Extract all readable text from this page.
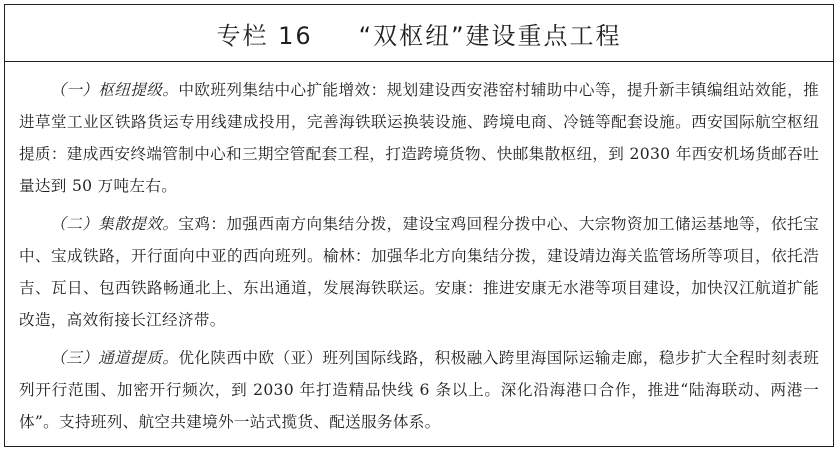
专栏 16 “双枢纽”建设重点工程

（一）枢纽提级。中欧班列集结中心扩能增效：规划建设西安港窑村辅助中心等，提升新丰镇编组站效能，推进草堂工业区铁路货运专用线建成投用，完善海铁联运换装设施、跨境电商、冷链等配套设施。西安国际航空枢纽提质：建成西安终端管制中心和三期空管配套工程，打造跨境货物、快邮集散枢纽，到 2030 年西安机场货邮吞吐量达到 50 万吨左右。

（二）集散提效。宝鸡：加强西南方向集结分拨，建设宝鸡回程分拨中心、大宗物资加工储运基地等，依托宝中、宝成铁路，开行面向中亚的西向班列。榆林：加强华北方向集结分拨，建设靖边海关监管场所等项目，依托浩吉、瓦日、包西铁路畅通北上、东出通道，发展海铁联运。安康：推进安康无水港等项目建设，加快汉江航道扩能改造，高效衔接长江经济带。

（三）通道提质。优化陕西中欧（亚）班列国际线路，积极融入跨里海国际运输走廊，稳步扩大全程时刻表班列开行范围、加密开行频次，到 2030 年打造精品快线 6 条以上。深化沿海港口合作，推进“陆海联动、两港一体”。支持班列、航空共建境外一站式揽货、配送服务体系。
